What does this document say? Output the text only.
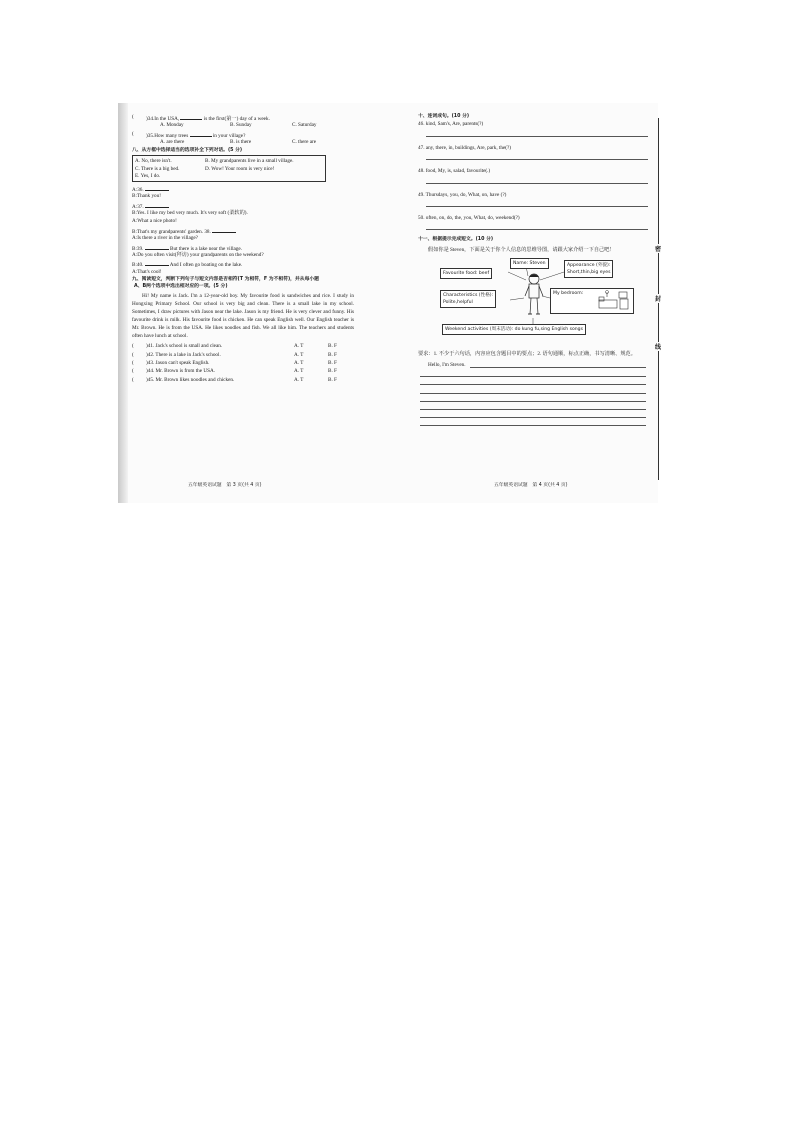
( )34.In the USA,	is the first(第一) day of a week.
A. Monday	B. Sunday	C. Saturday
( )35.How many trees	in your village?
A. are there	B. is there	C. there are
八、从方框中选择适当的选项补全下列对话。(5 分)
A. No, there isn't.	B. My grandparents live in a small village.
C. There is a big bed.	D. Wow! Your room is very nice!
E. Yes, I do.
A:36.
B:Thank you!
A:37.
B:Yes. I like my bed very much. It's very soft (柔软的).
A:What a nice photo!
B:That's my grandparents' garden. 38.
A:Is there a river in the village?
B:39.	But there is a lake near the village.
A:Do you often visit(拜访) your grandparents on the weekend?
B:40.	And I often go boating on the lake.
A:That's cool!
九、阅读短文，判断下列句子与短文内容是否相符(T 为相符，F 为不相符)，并从每小题
A、B两个选项中选出相对应的一项。(5 分)
Hi! My name is Jack. I'm a 12-year-old boy. My favourite food is sandwiches and rice. I study in Hongxing Primary School. Our school is very big and clean. There is a small lake in my school. Sometimes, I draw pictures with Jason near the lake. Jason is my friend. He is very clever and funny. His favourite drink is milk. His favourite food is chicken. He can speak English well. Our English teacher is Mr. Brown. He is from the USA. He likes noodles and fish. We all like him. The teachers and students often have lunch at school.
( )41. Jack's school is small and clean.	A. T	B. F
( )42. There is a lake in Jack's school.	A. T	B. F
( )43. Jason can't speak English.	A. T	B. F
( )44. Mr. Brown is from the USA.	A. T	B. F
( )45. Mr. Brown likes noodles and chicken.	A. T	B. F
五年级英语试题　第 3 页(共 4 页)
十、连词成句。(10 分)
46. kind, Sam's, Are, parents(?)
47. any, there, in, buildings, Are, park, the(?)
48. food, My, is, salad, favourite(.)
49. Thursdays, you, do, What, on, have (?)
50. often, on, do, the, you, What, do, weekend(?)
十一、根据提示完成短文。(10 分)
假如你是 Steven，下面是关于你个人信息的思维导图，请跟大家介绍一下自己吧！
Name: Steven
Favourite food: beef
Appearance (外貌):
Short,thin,big eyes
Characteristics (性格):
Polite,helpful
My bedroom:
Weekend activities (周末活动): do kung fu,sing English songs
要求：1. 不少于六句话，内容应包含题目中的要点；2. 语句通顺，标点正确，书写清晰、规范。
Hello, I'm Steven.
五年级英语试题　第 4 页(共 4 页)
密
封
线
